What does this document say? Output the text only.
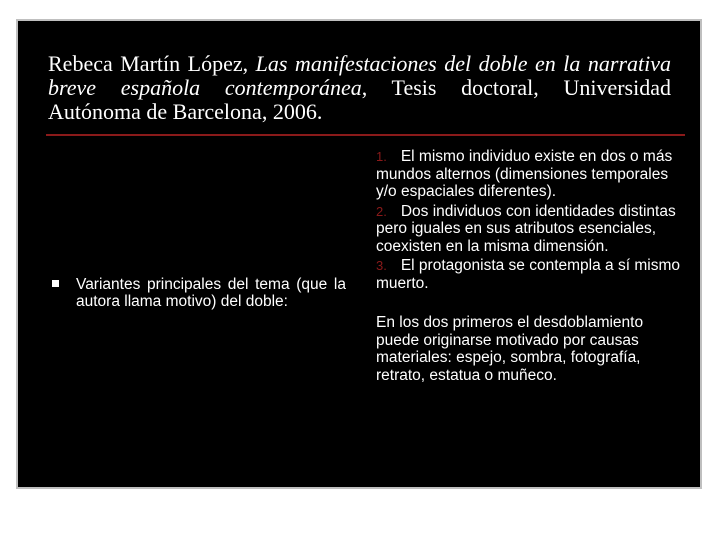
Rebeca Martín López, Las manifestaciones del doble en la narrativa breve española contemporánea, Tesis doctoral, Universidad Autónoma de Barcelona, 2006.

Variantes principales del tema (que la autora llama motivo) del doble:
1. El mismo individuo existe en dos o más mundos alternos (dimensiones temporales y/o espaciales diferentes).
2. Dos individuos con identidades distintas pero iguales en sus atributos esenciales, coexisten en la misma dimensión.
3. El protagonista se contempla a sí mismo muerto.
En los dos primeros el desdoblamiento puede originarse motivado por causas materiales: espejo, sombra, fotografía, retrato, estatua o muñeco.
